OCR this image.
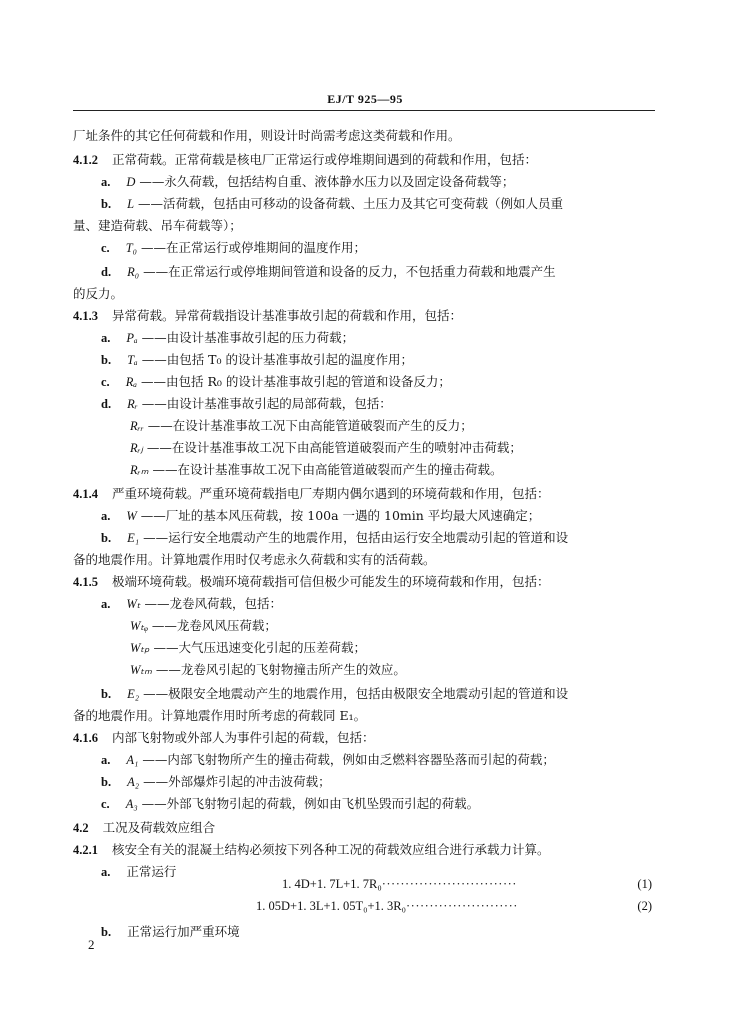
EJ/T 925—95
厂址条件的其它任何荷载和作用，则设计时尚需考虑这类荷载和作用。
4.1.2 正常荷载。正常荷载是核电厂正常运行或停堆期间遇到的荷载和作用，包括：
a. D ——永久荷载，包括结构自重、液体静水压力以及固定设备荷载等；
b. L ——活荷载，包括由可移动的设备荷载、土压力及其它可变荷载（例如人员重
量、建造荷载、吊车荷载等）；
c. T₀ ——在正常运行或停堆期间的温度作用；
d. R₀ ——在正常运行或停堆期间管道和设备的反力，不包括重力荷载和地震产生
的反力。
4.1.3 异常荷载。异常荷载指设计基准事故引起的荷载和作用，包括：
a. Pₐ ——由设计基准事故引起的压力荷载；
b. Tₐ ——由包括 T₀ 的设计基准事故引起的温度作用；
c. Rₐ ——由包括 R₀ 的设计基准事故引起的管道和设备反力；
d. Rᵣ ——由设计基准事故引起的局部荷载，包括：
Rᵣᵣ ——在设计基准事故工况下由高能管道破裂而产生的反力；
Rᵣⱼ ——在设计基准事故工况下由高能管道破裂而产生的喷射冲击荷载；
Rᵣₘ ——在设计基准事故工况下由高能管道破裂而产生的撞击荷载。
4.1.4 严重环境荷载。严重环境荷载指电厂寿期内偶尔遇到的环境荷载和作用，包括：
a. W ——厂址的基本风压荷载，按 100a 一遇的 10min 平均最大风速确定；
b. E₁ ——运行安全地震动产生的地震作用，包括由运行安全地震动引起的管道和设
备的地震作用。计算地震作用时仅考虑永久荷载和实有的活荷载。
4.1.5 极端环境荷载。极端环境荷载指可信但极少可能发生的环境荷载和作用，包括：
a. Wₜ ——龙卷风荷载，包括：
Wₜᵩ ——龙卷风风压荷载；
Wₜₚ ——大气压迅速变化引起的压差荷载；
Wₜₘ ——龙卷风引起的飞射物撞击所产生的效应。
b. E₂ ——极限安全地震动产生的地震作用，包括由极限安全地震动引起的管道和设
备的地震作用。计算地震作用时所考虑的荷载同 E₁。
4.1.6 内部飞射物或外部人为事件引起的荷载，包括：
a. A₁ ——内部飞射物所产生的撞击荷载，例如由乏燃料容器坠落而引起的荷载；
b. A₂ ——外部爆炸引起的冲击波荷载；
c. A₃ ——外部飞射物引起的荷载，例如由飞机坠毁而引起的荷载。
4.2 工况及荷载效应组合
4.2.1 核安全有关的混凝土结构必须按下列各种工况的荷载效应组合进行承载力计算。
a. 正常运行
b. 正常运行加严重环境
1. 4D+1. 7L+1. 7R₀·····························	(1)
1. 05D+1. 3L+1. 05T₀+1. 3R₀························	(2)
2
